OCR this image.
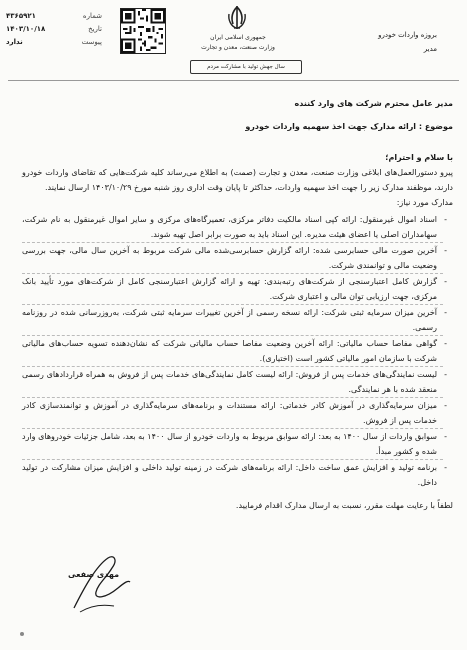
۴۳۶۵۹۲۱	شماره
۱۴۰۳/۱۰/۱۸	تاریخ
ندارد	پیوست
جمهوری اسلامی ایران
وزارت صنعت، معدن و تجارت
سال جهش تولید با مشارکت مردم
بروزه واردات خودرو
مدیر

مدیر عامل محترم شرکت های وارد کننده

موضوع : ارائه مدارک جهت اخذ سهمیه واردات خودرو

با سلام و احترام؛

پیرو دستورالعمل‌های ابلاغی وزارت صنعت، معدن و تجارت (صمت) به اطلاع می‌رساند کلیه شرکت‌هایی که تقاضای واردات خودرو دارند، موظفند مدارک زیر را جهت اخذ سهمیه واردات، حداکثر تا پایان وقت اداری روز شنبه مورخ ۱۴۰۳/۱۰/۲۹ ارسال نمایند.

مدارک مورد نیاز:

- اسناد اموال غیرمنقول: ارائه کپی اسناد مالکیت دفاتر مرکزی، تعمیرگاه‌های مرکزی و سایر اموال غیرمنقول به نام شرکت، سهامداران اصلی یا اعضای هیئت مدیره. این اسناد باید به صورت برابر اصل تهیه شوند.
- آخرین صورت مالی حسابرسی شده: ارائه گزارش حسابرسی‌شده مالی شرکت مربوط به آخرین سال مالی، جهت بررسی وضعیت مالی و توانمندی شرکت.
- گزارش کامل اعتبارسنجی از شرکت‌های رتبه‌بندی: تهیه و ارائه گزارش اعتبارسنجی کامل از شرکت‌های مورد تأیید بانک مرکزی، جهت ارزیابی توان مالی و اعتباری شرکت.
- آخرین میزان سرمایه ثبتی شرکت: ارائه نسخه رسمی از آخرین تغییرات سرمایه ثبتی شرکت، به‌روزرسانی شده در روزنامه رسمی.
- گواهی مفاصا حساب مالیاتی: ارائه آخرین وضعیت مفاصا حساب مالیاتی شرکت که نشان‌دهنده تسویه حساب‌های مالیاتی شرکت با سازمان امور مالیاتی کشور است (اختیاری).
- لیست نمایندگی‌های خدمات پس از فروش: ارائه لیست کامل نمایندگی‌های خدمات پس از فروش به همراه قراردادهای رسمی منعقد شده با هر نمایندگی.
- میزان سرمایه‌گذاری در آموزش کادر خدماتی: ارائه مستندات و برنامه‌های سرمایه‌گذاری در آموزش و توانمندسازی کادر خدمات پس از فروش.
- سوابق واردات از سال ۱۴۰۰ به بعد: ارائه سوابق مربوط به واردات خودرو از سال ۱۴۰۰ به بعد، شامل جزئیات خودروهای وارد شده و کشور مبدأ.
- برنامه تولید و افزایش عمق ساخت داخل: ارائه برنامه‌های شرکت در زمینه تولید داخلی و افزایش میزان مشارکت در تولید داخل.

لطفاً با رعایت مهلت مقرر، نسبت به ارسال مدارک اقدام فرمایید.

مهدی صفعی
